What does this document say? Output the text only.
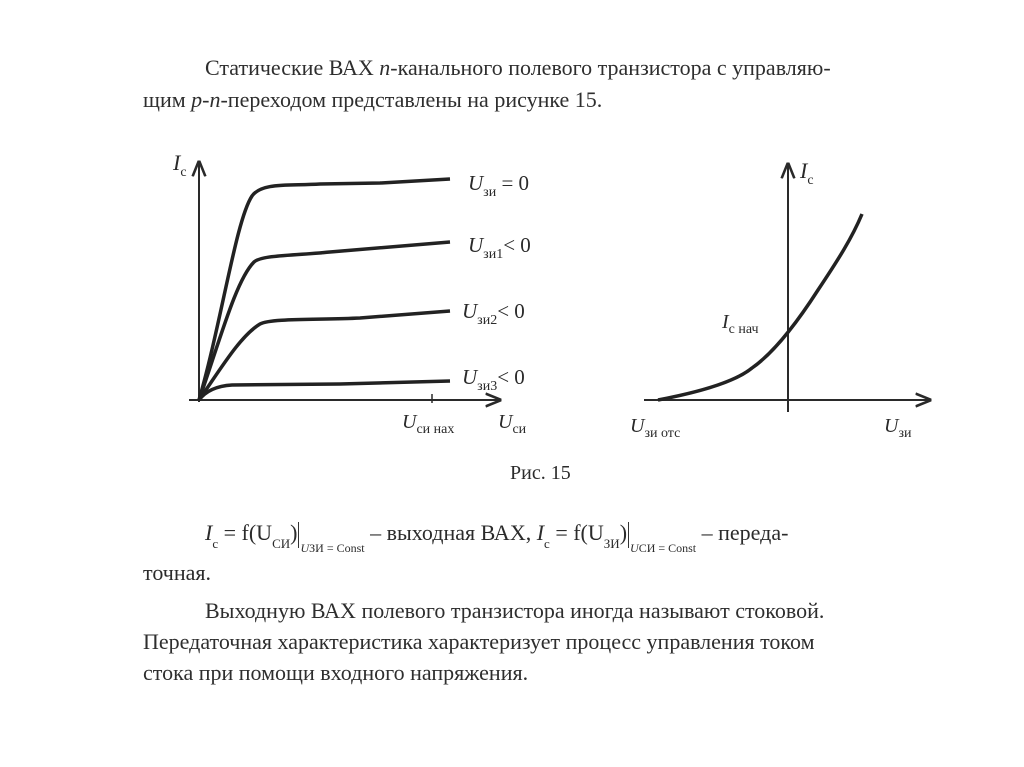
Статические ВАХ n-канального полевого транзистора с управляю-
щим p-n-переходом представлены на рисунке 15.
$I_c$	$U_{зи} = 0$
$U_{зи1}< 0$
$U_{зи2}< 0$
$U_{зи3}< 0$
$U_{си нах}$ $U_{си}$
$I_c$
$I_{c нач}$
$U_{зи отс}$	$U_{зи}$
Рис. 15
$I_c = f(U_{СИ})_{UЗИ = Const}$ – выходная ВАХ, $I_c = f(U_{ЗИ})_{UСИ = Const}$ – переда-
точная.
Выходную ВАХ полевого транзистора иногда называют стоковой.
Передаточная характеристика характеризует процесс управления током
стока при помощи входного напряжения.
